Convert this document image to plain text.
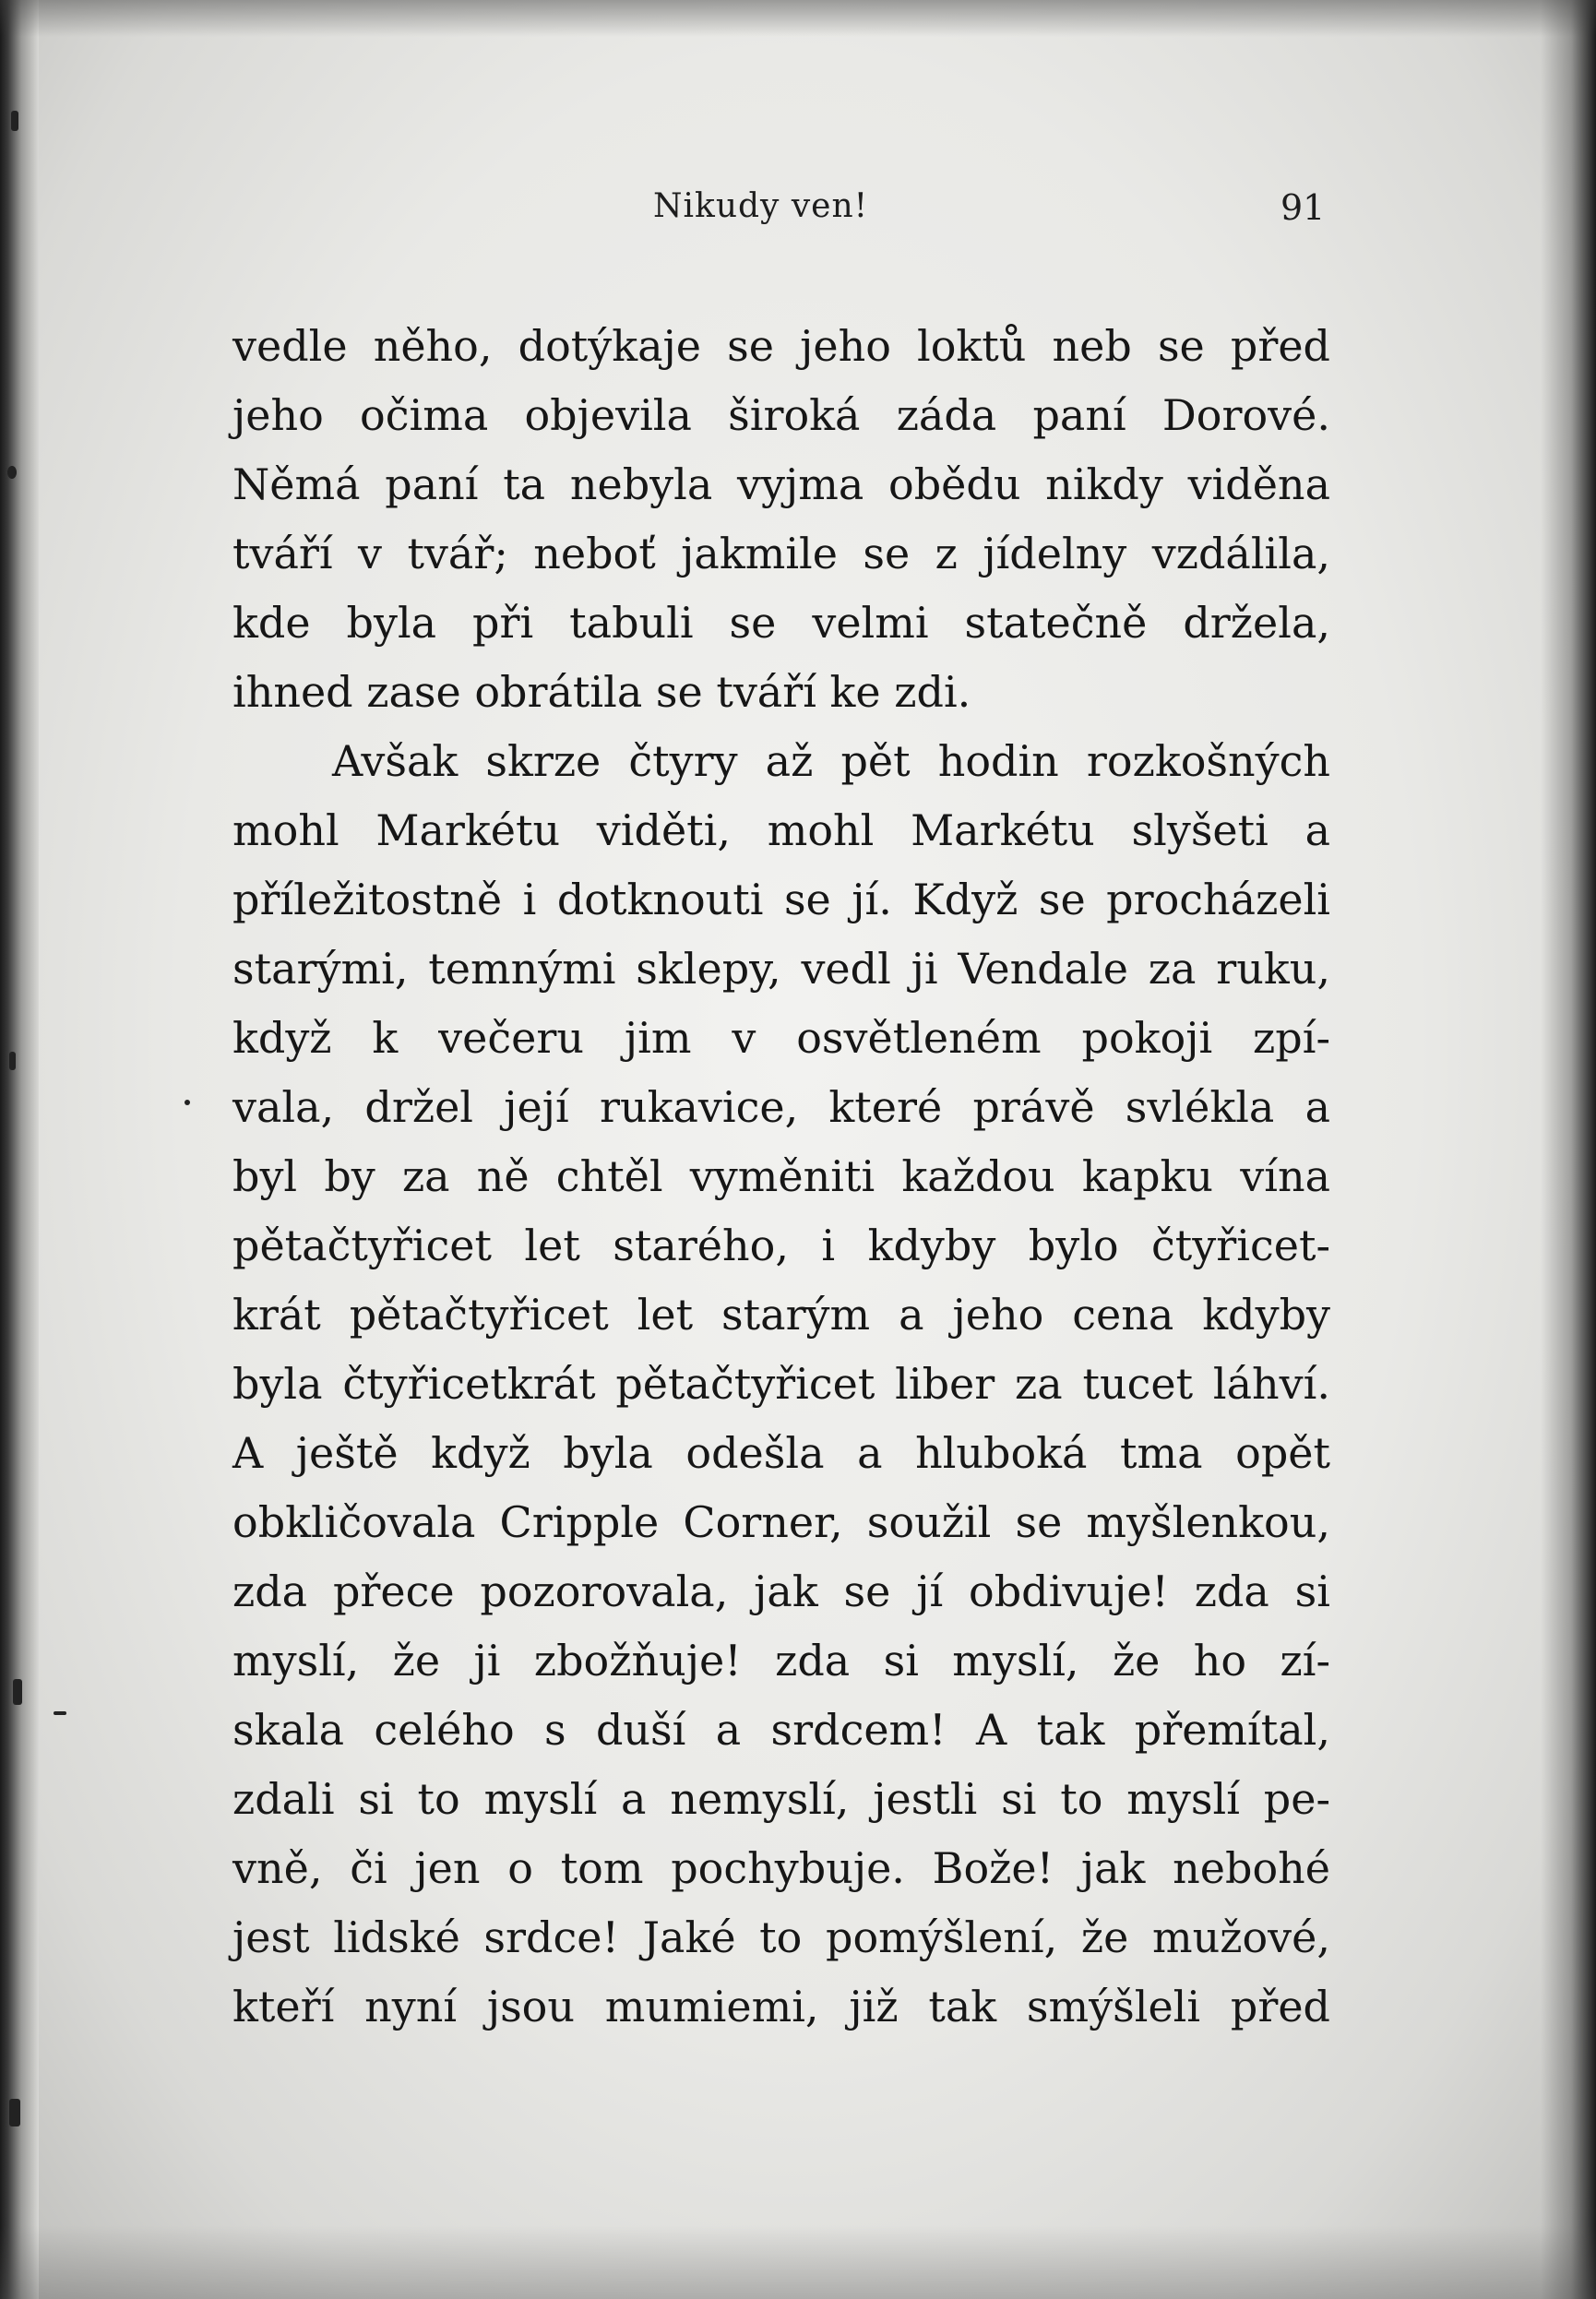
Nikudy ven!	91
vedle něho, dotýkaje se jeho loktů neb se před
jeho očima objevila široká záda paní Dorové.
Němá paní ta nebyla vyjma obědu nikdy viděna
tváří v tvář; neboť jakmile se z jídelny vzdálila,
kde byla při tabuli se velmi statečně držela,
ihned zase obrátila se tváří ke zdi.
Avšak skrze čtyry až pět hodin rozkošných
mohl Markétu viděti, mohl Markétu slyšeti a
příležitostně i dotknouti se jí. Když se procházeli
starými, temnými sklepy, vedl ji Vendale za ruku,
když k večeru jim v osvětleném pokoji zpí-
vala, držel její rukavice, které právě svlékla a
byl by za ně chtěl vyměniti každou kapku vína
pětačtyřicet let starého, i kdyby bylo čtyřicet-
krát pětačtyřicet let starým a jeho cena kdyby
byla čtyřicetkrát pětačtyřicet liber za tucet láhví.
A ještě když byla odešla a hluboká tma opět
obkličovala Cripple Corner, soužil se myšlenkou,
zda přece pozorovala, jak se jí obdivuje! zda si
myslí, že ji zbožňuje! zda si myslí, že ho zí-
skala celého s duší a srdcem! A tak přemítal,
zdali si to myslí a nemyslí, jestli si to myslí pe-
vně, či jen o tom pochybuje. Bože! jak nebohé
jest lidské srdce! Jaké to pomýšlení, že mužové,
kteří nyní jsou mumiemi, již tak smýšleli před
